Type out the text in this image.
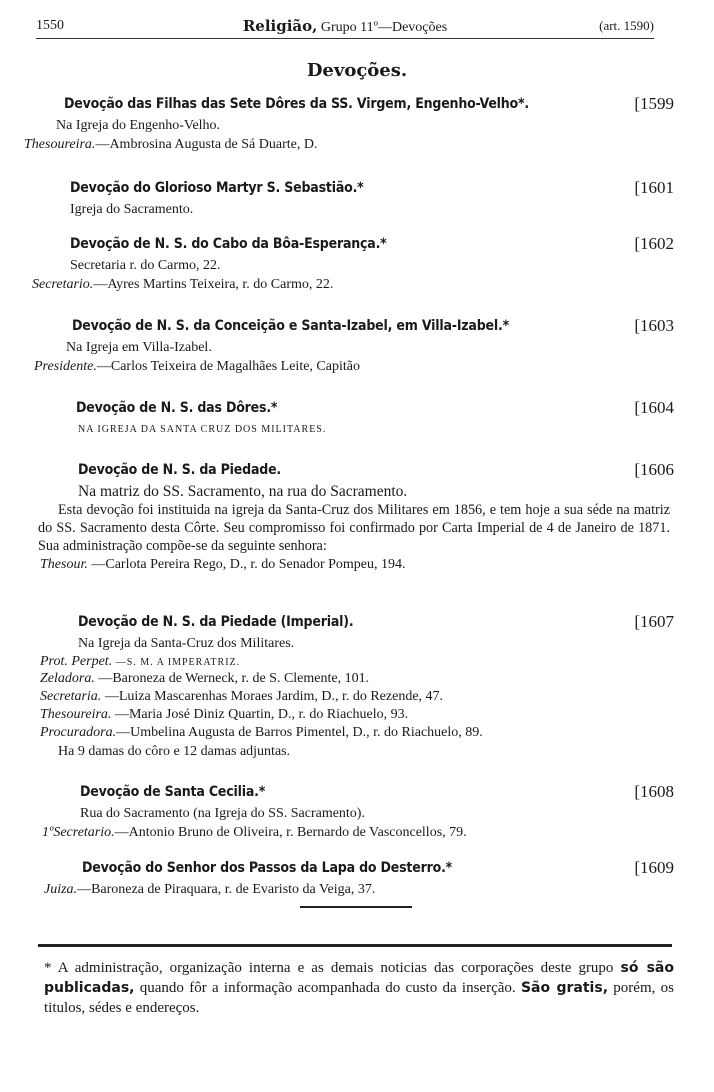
1550	Religião, Grupo 11º—Devoções	(art. 1590)
Devoções.
Devoção das Filhas das Sete Dôres da SS. Virgem, Engenho-Velho*.	[1599
Na Igreja do Engenho-Velho.
Thesoureira.—Ambrosina Augusta de Sá Duarte, D.
Devoção do Glorioso Martyr S. Sebastião.*	[1601
Igreja do Sacramento.
Devoção de N. S. do Cabo da Bôa-Esperança.*	[1602
Secretaria r. do Carmo, 22.
Secretario.—Ayres Martins Teixeira, r. do Carmo, 22.
Devoção de N. S. da Conceição e Santa-Izabel, em Villa-Izabel.*	[1603
Na Igreja em Villa-Izabel.
Presidente.—Carlos Teixeira de Magalhães Leite, Capitão
Devoção de N. S. das Dôres.*	[1604
NA IGREJA DA SANTA CRUZ DOS MILITARES.
Devoção de N. S. da Piedade.	[1606
Na matriz do SS. Sacramento, na rua do Sacramento.
Esta devoção foi instituida na igreja da Santa-Cruz dos Militares em 1856, e tem hoje a sua séde na matriz do SS. Sacramento desta Côrte. Seu compromisso foi confirmado por Carta Imperial de 4 de Janeiro de 1871. Sua administração compõe-se da seguinte senhora:
Thesour. —Carlota Pereira Rego, D., r. do Senador Pompeu, 194.
Devoção de N. S. da Piedade (Imperial).	[1607
Na Igreja da Santa-Cruz dos Militares.
Prot. Perpet. —S. M. A IMPERATRIZ.
Zeladora. —Baroneza de Werneck, r. de S. Clemente, 101.
Secretaria. —Luiza Mascarenhas Moraes Jardim, D., r. do Rezende, 47.
Thesoureira. —Maria José Diniz Quartin, D., r. do Riachuelo, 93.
Procuradora.—Umbelina Augusta de Barros Pimentel, D., r. do Riachuelo, 89.
Ha 9 damas do côro e 12 damas adjuntas.
Devoção de Santa Cecilia.*	[1608
Rua do Sacramento (na Igreja do SS. Sacramento).
1ºSecretario.—Antonio Bruno de Oliveira, r. Bernardo de Vasconcellos, 79.
Devoção do Senhor dos Passos da Lapa do Desterro.*	[1609
Juiza.—Baroneza de Piraquara, r. de Evaristo da Veiga, 37.
* A administração, organização interna e as demais noticias das corporações deste grupo só são publicadas, quando fôr a informação acompanhada do custo da inserção. São gratis, porém, os titulos, sédes e endereços.
